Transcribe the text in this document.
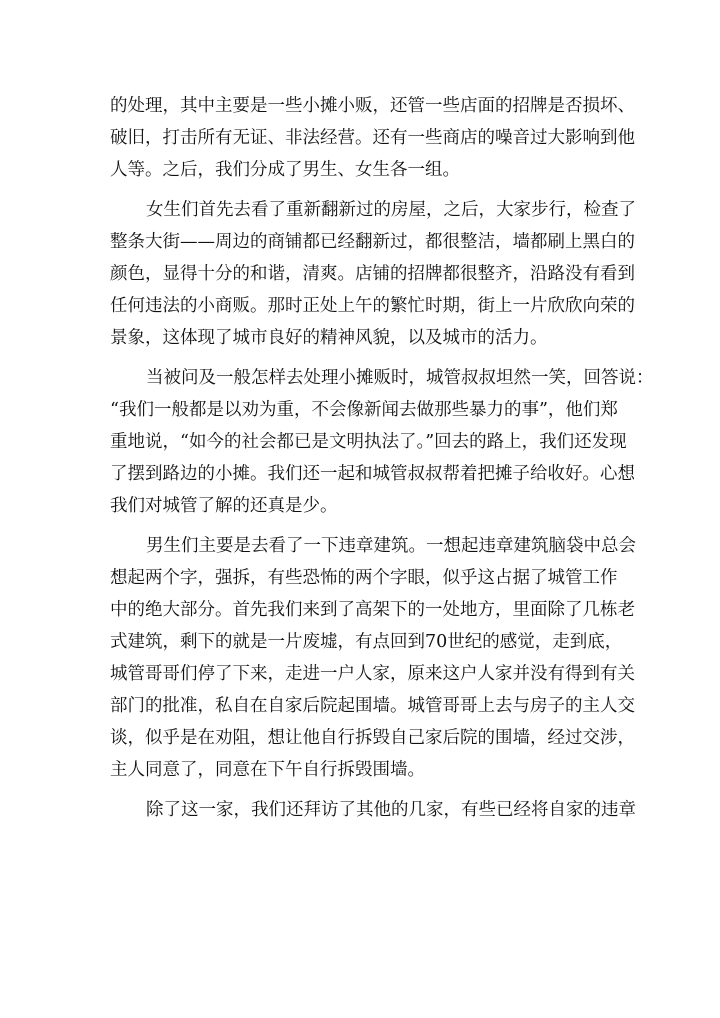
的处理，其中主要是一些小摊小贩，还管一些店面的招牌是否损坏、
破旧，打击所有无证、非法经营。还有一些商店的噪音过大影响到他
人等。之后，我们分成了男生、女生各一组。
女生们首先去看了重新翻新过的房屋，之后，大家步行，检查了
整条大街——周边的商铺都已经翻新过，都很整洁，墙都刷上黑白的
颜色，显得十分的和谐，清爽。店铺的招牌都很整齐，沿路没有看到
任何违法的小商贩。那时正处上午的繁忙时期，街上一片欣欣向荣的
景象，这体现了城市良好的精神风貌，以及城市的活力。
当被问及一般怎样去处理小摊贩时，城管叔叔坦然一笑，回答说：
“我们一般都是以劝为重，不会像新闻去做那些暴力的事”，他们郑
重地说，“如今的社会都已是文明执法了。”回去的路上，我们还发现
了摆到路边的小摊。我们还一起和城管叔叔帮着把摊子给收好。心想
我们对城管了解的还真是少。
男生们主要是去看了一下违章建筑。一想起违章建筑脑袋中总会
想起两个字，强拆，有些恐怖的两个字眼，似乎这占据了城管工作
中的绝大部分。首先我们来到了高架下的一处地方，里面除了几栋老
式建筑，剩下的就是一片废墟，有点回到70世纪的感觉，走到底，
城管哥哥们停了下来，走进一户人家，原来这户人家并没有得到有关
部门的批准，私自在自家后院起围墙。城管哥哥上去与房子的主人交
谈，似乎是在劝阻，想让他自行拆毁自己家后院的围墙，经过交涉，
主人同意了，同意在下午自行拆毁围墙。
除了这一家，我们还拜访了其他的几家，有些已经将自家的违章
